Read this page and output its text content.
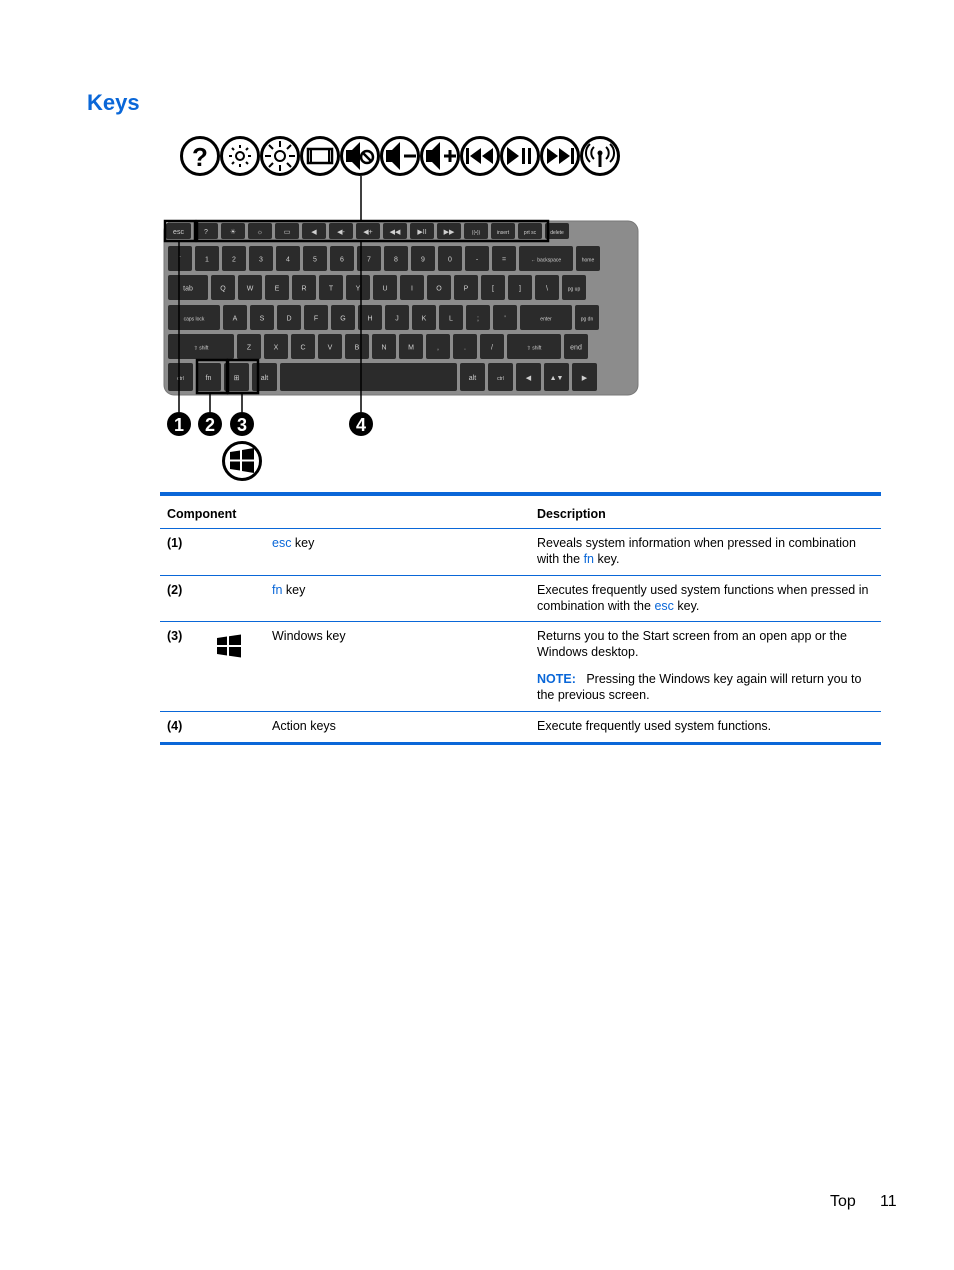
Keys
?
esc	?	☀	☼	▭	◀	◀-	◀+ ◀◀ ▶II ▶▶	((•))	insert	prt sc	delete
`	1	2	3	4	5	6	7	8	9	0	-	=	← backspace	home
tab	Q	W	E	R	T	Y	U	I	O	P	[	]	\	pg up
caps lock	A	S	D	F	G	H	J	K	L	;	'	enter	pg dn
⇧ shift	Z	X	C	V	B	N	M	,	.	/	⇧ shift	end
ctrl	fn	⊞	alt	alt	ctrl	◀	▲▼	▶
1 2 3	4
Component	Description
(1)	esc key	Reveals system information when pressed in combination with the fn key.
(2)	fn key	Executes frequently used system functions when pressed in combination with the esc key.
(3)	Windows key	Returns you to the Start screen from an open app or the Windows desktop.
NOTE: Pressing the Windows key again will return you to the previous screen.
(4)	Action keys	Execute frequently used system functions.
Top 11
